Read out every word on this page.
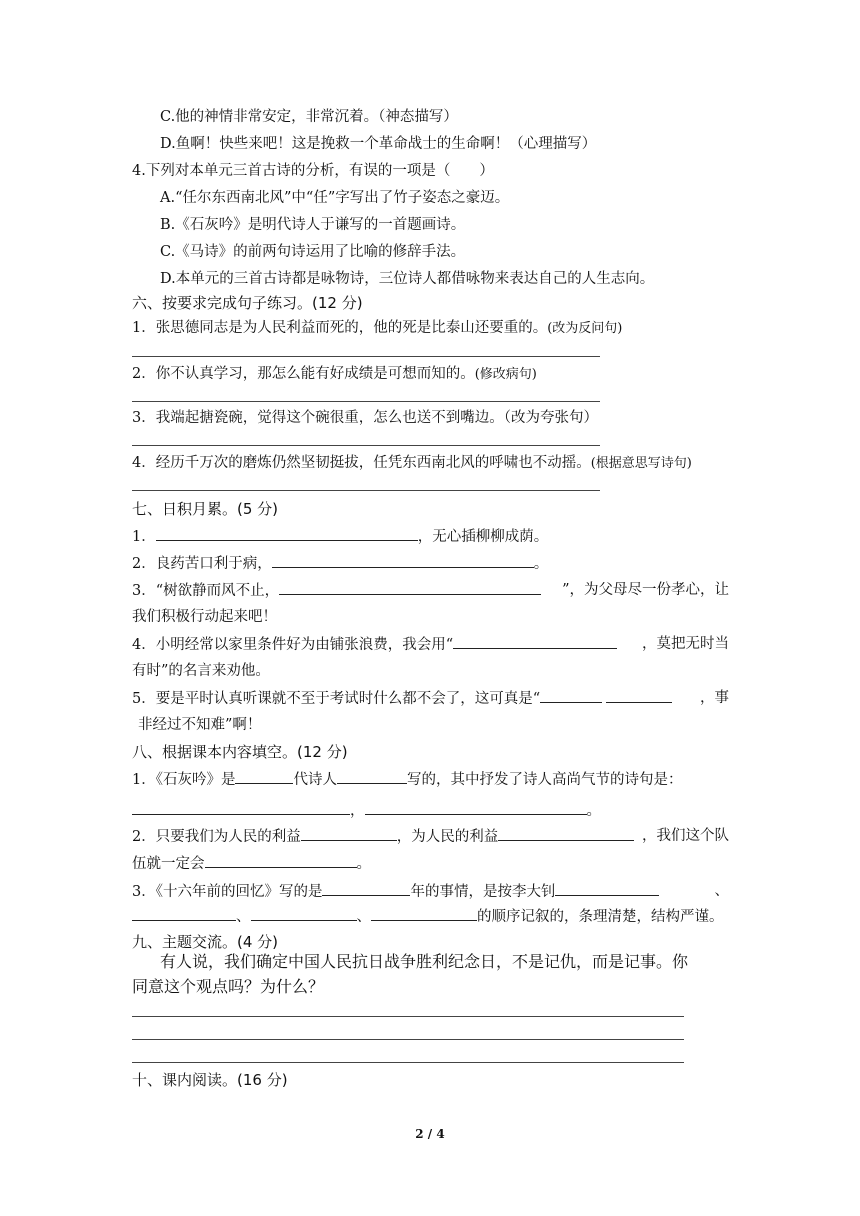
C.他的神情非常安定，非常沉着。（神态描写）
D.鱼啊！快些来吧！这是挽救一个革命战士的生命啊！（心理描写）
4.下列对本单元三首古诗的分析，有误的一项是（　　）
A.“任尔东西南北风”中“任”字写出了竹子姿态之豪迈。
B.《石灰吟》是明代诗人于谦写的一首题画诗。
C.《马诗》的前两句诗运用了比喻的修辞手法。
D.本单元的三首古诗都是咏物诗，三位诗人都借咏物来表达自己的人生志向。
六、按要求完成句子练习。(12 分)
1．张思德同志是为人民利益而死的，他的死是比泰山还要重的。(改为反问句)
2．你不认真学习，那怎么能有好成绩是可想而知的。(修改病句)
3．我端起搪瓷碗，觉得这个碗很重，怎么也送不到嘴边。（改为夸张句）
4．经历千万次的磨炼仍然坚韧挺拔，任凭东西南北风的呼啸也不动摇。(根据意思写诗句)
七、日积月累。(5 分)
1．	，无心插柳柳成荫。
2．良药苦口利于病，	。
3．“树欲静而风不止，	”，为父母尽一份孝心，让
我们积极行动起来吧！
4．小明经常以家里条件好为由铺张浪费，我会用“	，莫把无时当
有时”的名言来劝他。
5．要是平时认真听课就不至于考试时什么都不会了，这可真是“	，事
非经过不知难”啊！
八、根据课本内容填空。(12 分)
1．《石灰吟》是	代诗人	写的，其中抒发了诗人高尚气节的诗句是：
，	。
2．只要我们为人民的利益	，为人民的利益	，我们这个队
伍就一定会	。
3．《十六年前的回忆》写的是	年的事情，是按李大钊	、
、	、	的顺序记叙的，条理清楚，结构严谨。
九、主题交流。(4 分)
有人说，我们确定中国人民抗日战争胜利纪念日，不是记仇，而是记事。你
同意这个观点吗？为什么？
十、课内阅读。(16 分)
2 / 4
